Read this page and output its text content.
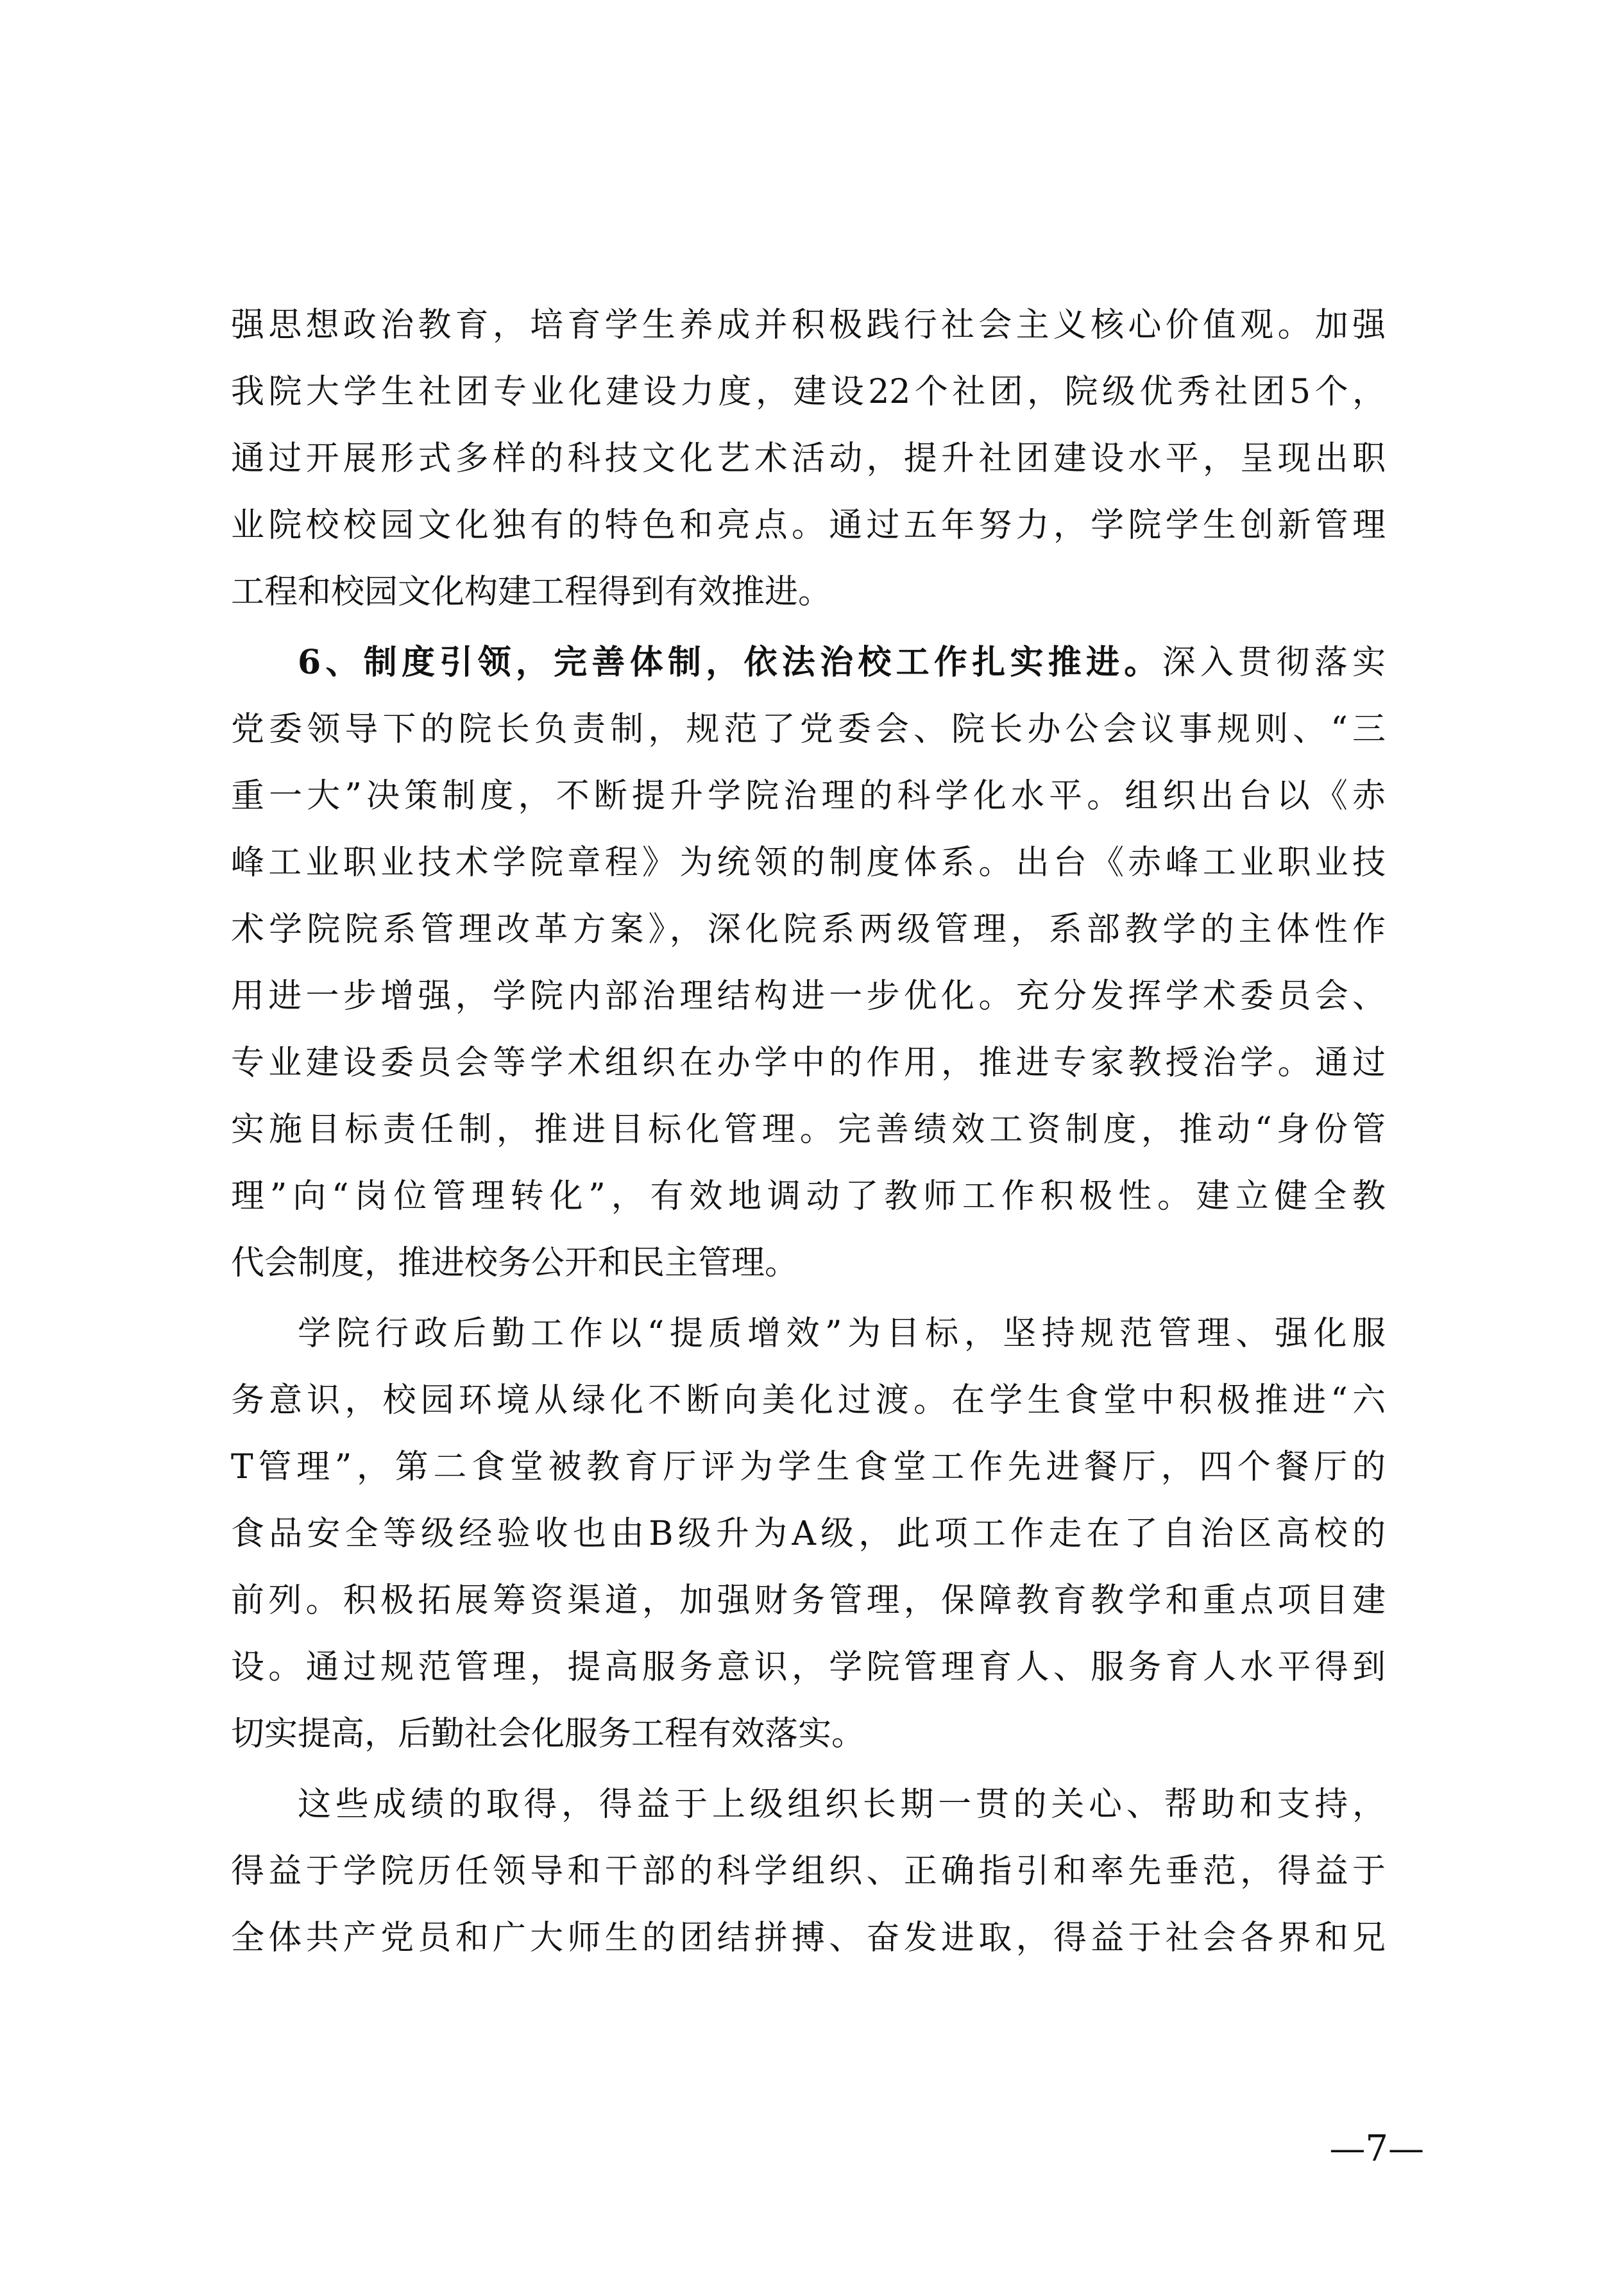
强思想政治教育，培育学生养成并积极践行社会主义核心价值观。加强
我院大学生社团专业化建设力度，建设22个社团，院级优秀社团5个，
通过开展形式多样的科技文化艺术活动，提升社团建设水平，呈现出职
业院校校园文化独有的特色和亮点。通过五年努力，学院学生创新管理
工程和校园文化构建工程得到有效推进。
6、制度引领，完善体制，依法治校工作扎实推进。深入贯彻落实
党委领导下的院长负责制，规范了党委会、院长办公会议事规则、“三
重一大”决策制度，不断提升学院治理的科学化水平。组织出台以《赤
峰工业职业技术学院章程》为统领的制度体系。出台《赤峰工业职业技
术学院院系管理改革方案》，深化院系两级管理，系部教学的主体性作
用进一步增强，学院内部治理结构进一步优化。充分发挥学术委员会、
专业建设委员会等学术组织在办学中的作用，推进专家教授治学。通过
实施目标责任制，推进目标化管理。完善绩效工资制度，推动“身份管
理”向“岗位管理转化”，有效地调动了教师工作积极性。建立健全教
代会制度，推进校务公开和民主管理。
学院行政后勤工作以“提质增效”为目标，坚持规范管理、强化服
务意识，校园环境从绿化不断向美化过渡。在学生食堂中积极推进“六
T管理”，第二食堂被教育厅评为学生食堂工作先进餐厅，四个餐厅的
食品安全等级经验收也由B级升为A级，此项工作走在了自治区高校的
前列。积极拓展筹资渠道，加强财务管理，保障教育教学和重点项目建
设。通过规范管理，提高服务意识，学院管理育人、服务育人水平得到
切实提高，后勤社会化服务工程有效落实。
这些成绩的取得，得益于上级组织长期一贯的关心、帮助和支持，
得益于学院历任领导和干部的科学组织、正确指引和率先垂范，得益于
全体共产党员和广大师生的团结拼搏、奋发进取，得益于社会各界和兄
—7—
